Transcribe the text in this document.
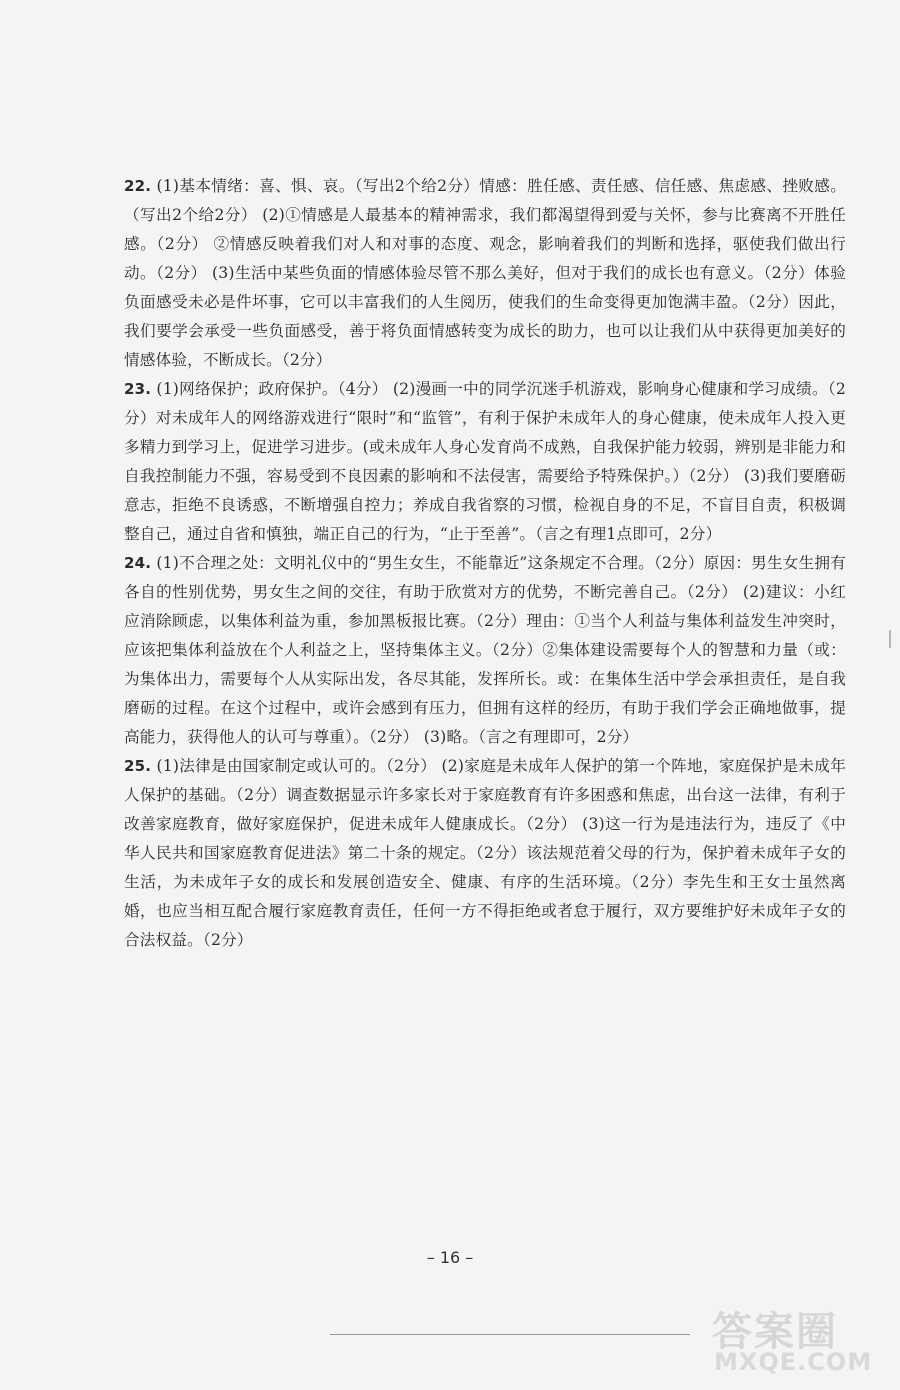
22. (1)基本情绪：喜、惧、哀。（写出2个给2分）情感：胜任感、责任感、信任感、焦虑感、挫败感。（写出2个给2分） (2)①情感是人最基本的精神需求，我们都渴望得到爱与关怀，参与比赛离不开胜任感。（2分） ②情感反映着我们对人和对事的态度、观念，影响着我们的判断和选择，驱使我们做出行动。（2分） (3)生活中某些负面的情感体验尽管不那么美好，但对于我们的成长也有意义。（2分）体验负面感受未必是件坏事，它可以丰富我们的人生阅历，使我们的生命变得更加饱满丰盈。（2分）因此，我们要学会承受一些负面感受，善于将负面情感转变为成长的助力，也可以让我们从中获得更加美好的情感体验，不断成长。（2分）

23. (1)网络保护；政府保护。（4分） (2)漫画一中的同学沉迷手机游戏，影响身心健康和学习成绩。（2分）对未成年人的网络游戏进行“限时”和“监管”，有利于保护未成年人的身心健康，使未成年人投入更多精力到学习上，促进学习进步。(或未成年人身心发育尚不成熟，自我保护能力较弱，辨别是非能力和自我控制能力不强，容易受到不良因素的影响和不法侵害，需要给予特殊保护。）（2分） (3)我们要磨砺意志，拒绝不良诱惑，不断增强自控力；养成自我省察的习惯，检视自身的不足，不盲目自责，积极调整自己，通过自省和慎独，端正自己的行为，“止于至善”。（言之有理1点即可，2分）

24. (1)不合理之处：文明礼仪中的“男生女生，不能靠近”这条规定不合理。（2分）原因：男生女生拥有各自的性别优势，男女生之间的交往，有助于欣赏对方的优势，不断完善自己。（2分） (2)建议：小红应消除顾虑，以集体利益为重，参加黑板报比赛。（2分）理由：①当个人利益与集体利益发生冲突时，应该把集体利益放在个人利益之上，坚持集体主义。（2分）②集体建设需要每个人的智慧和力量（或：为集体出力，需要每个人从实际出发，各尽其能，发挥所长。或：在集体生活中学会承担责任，是自我磨砺的过程。在这个过程中，或许会感到有压力，但拥有这样的经历，有助于我们学会正确地做事，提高能力，获得他人的认可与尊重）。（2分） (3)略。（言之有理即可，2分）

25. (1)法律是由国家制定或认可的。（2分） (2)家庭是未成年人保护的第一个阵地，家庭保护是未成年人保护的基础。（2分）调查数据显示许多家长对于家庭教育有许多困惑和焦虑，出台这一法律，有利于改善家庭教育，做好家庭保护，促进未成年人健康成长。（2分） (3)这一行为是违法行为，违反了《中华人民共和国家庭教育促进法》第二十条的规定。（2分）该法规范着父母的行为，保护着未成年子女的生活，为未成年子女的成长和发展创造安全、健康、有序的生活环境。（2分）李先生和王女士虽然离婚，也应当相互配合履行家庭教育责任，任何一方不得拒绝或者怠于履行，双方要维护好未成年子女的合法权益。（2分）

– 16 –
答案圈
MXQE.COM
